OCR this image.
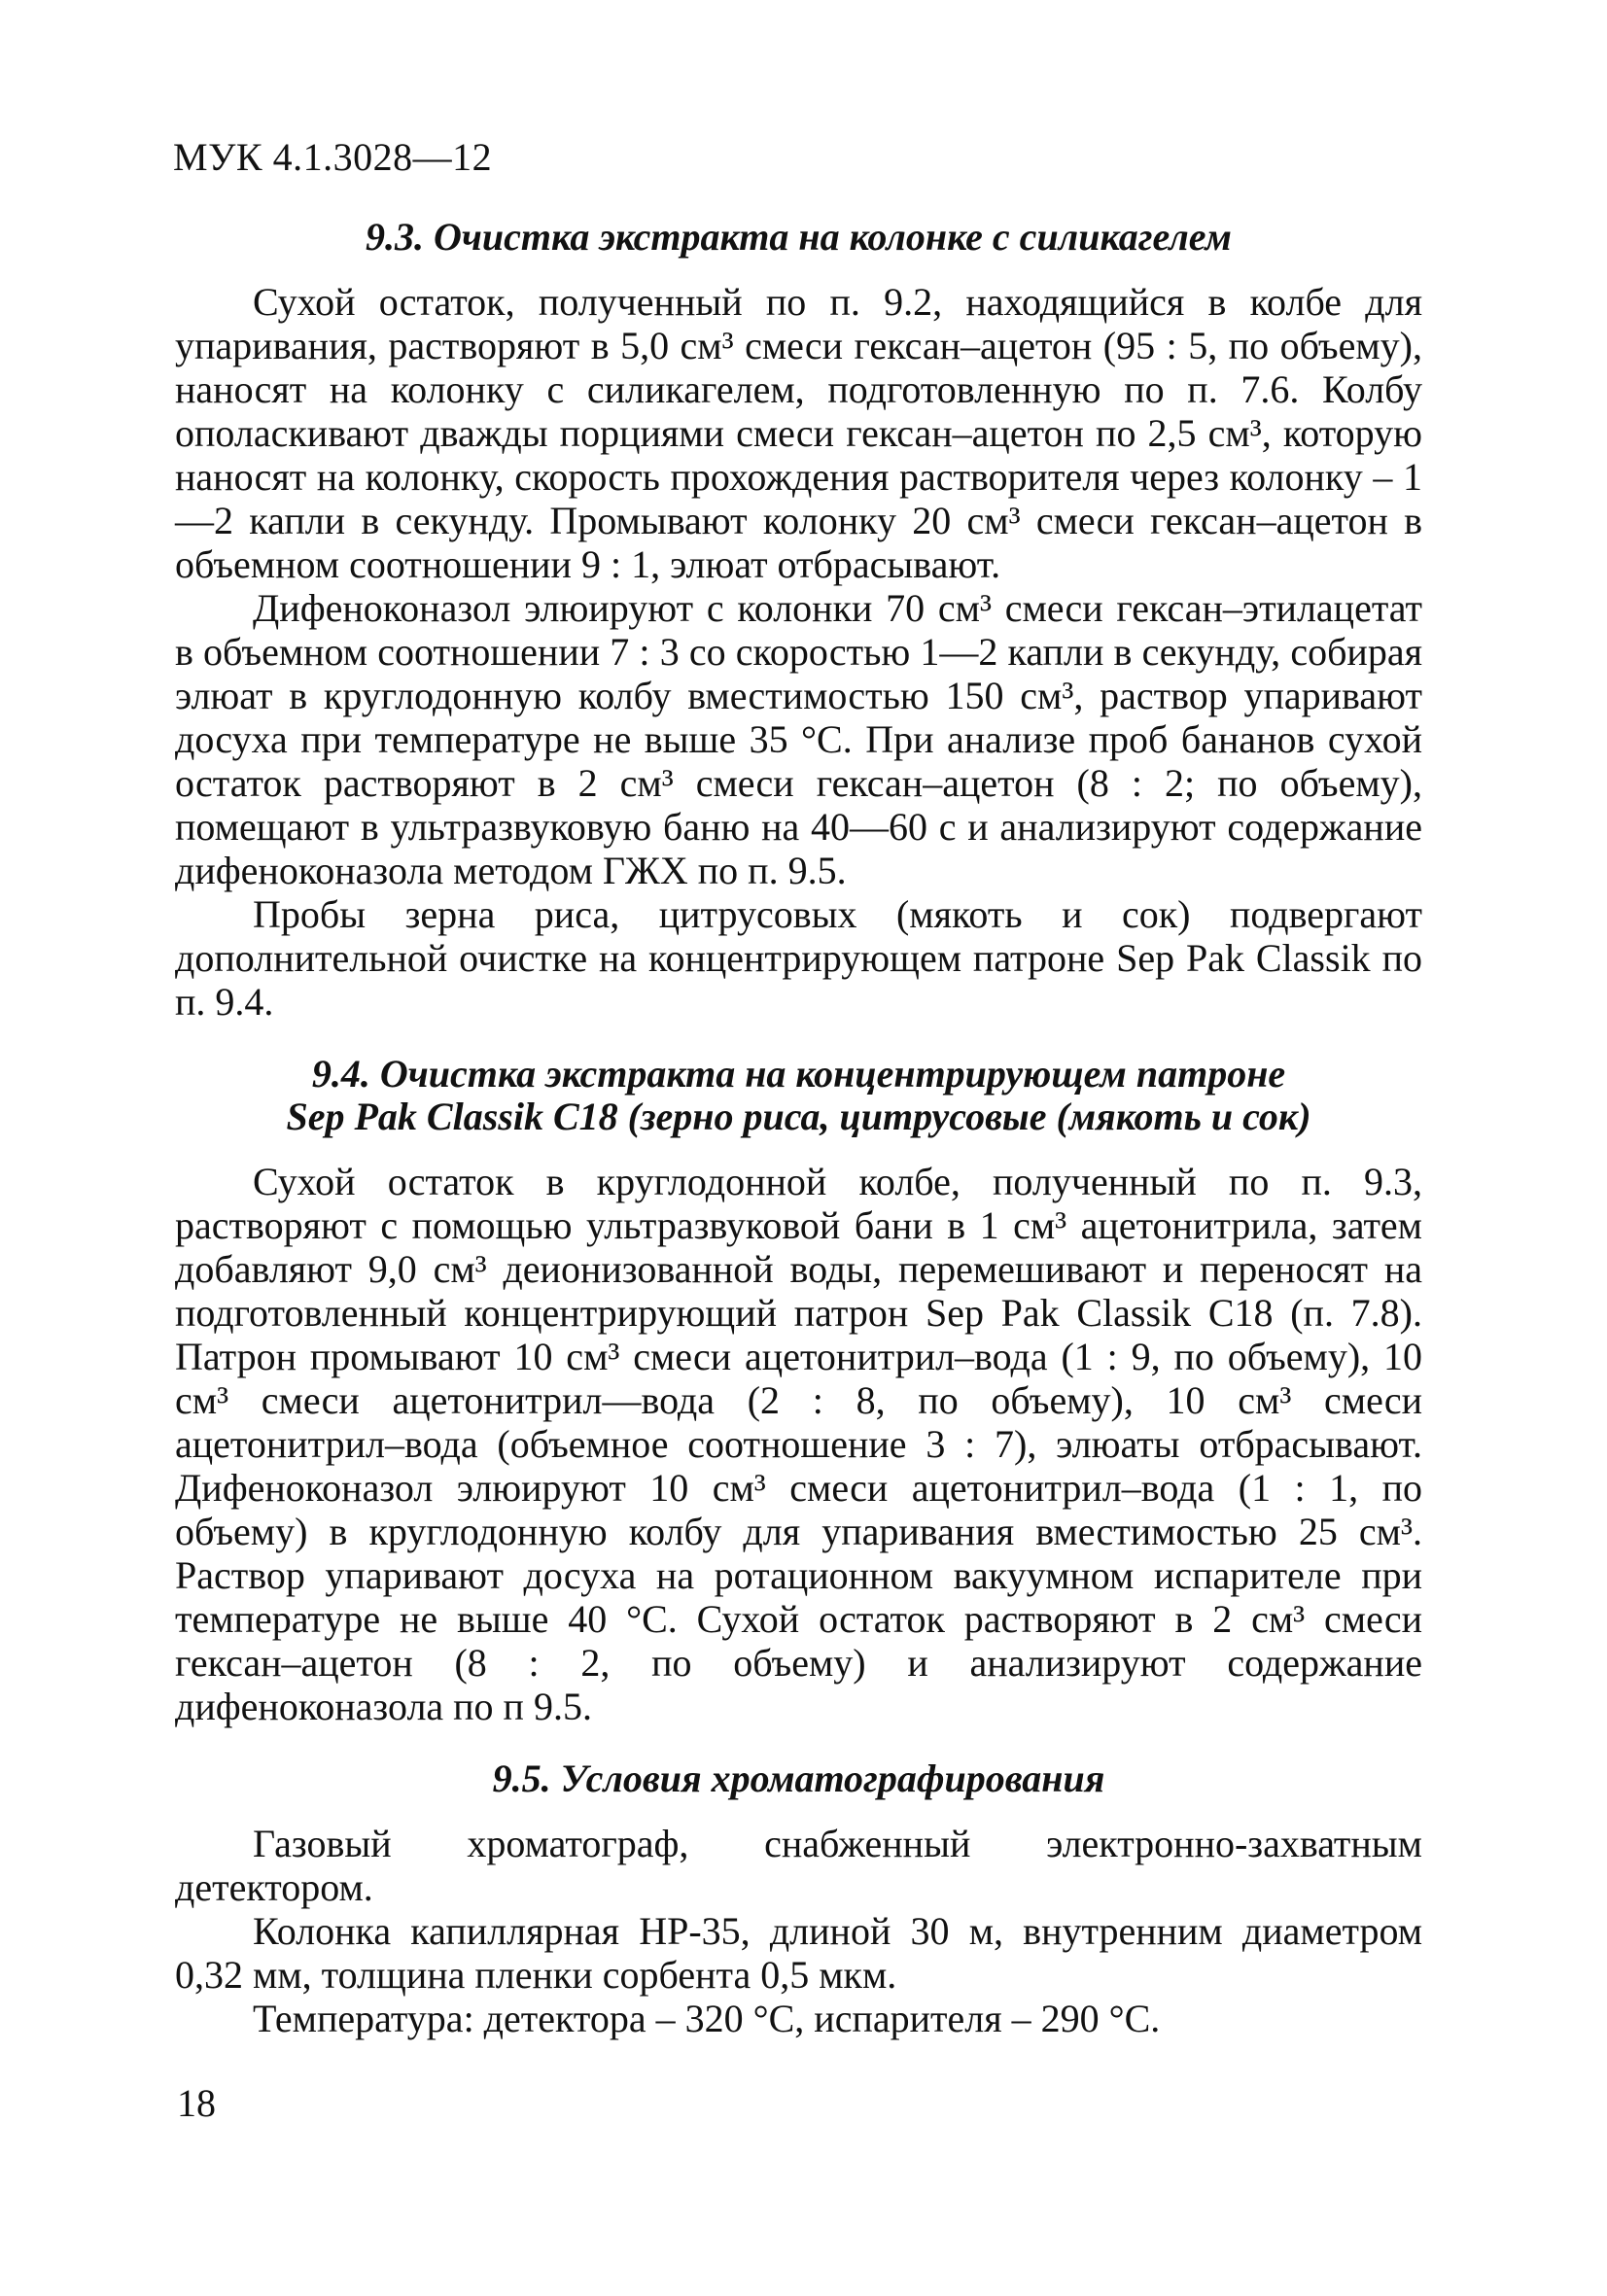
МУК 4.1.3028—12
9.3. Очистка экстракта на колонке с силикагелем

Сухой остаток, полученный по п. 9.2, находящийся в колбе для упаривания, растворяют в 5,0 см³ смеси гексан–ацетон (95 : 5, по объему), наносят на колонку с силикагелем, подготовленную по п. 7.6. Колбу ополаскивают дважды порциями смеси гексан–ацетон по 2,5 см³, которую наносят на колонку, скорость прохождения растворителя через колонку – 1—2 капли в секунду. Промывают колонку 20 см³ смеси гексан–ацетон в объемном соотношении 9 : 1, элюат отбрасывают.

Дифеноконазол элюируют с колонки 70 см³ смеси гексан–этилацетат в объемном соотношении 7 : 3 со скоростью 1—2 капли в секунду, собирая элюат в круглодонную колбу вместимостью 150 см³, раствор упаривают досуха при температуре не выше 35 °С. При анализе проб бананов сухой остаток растворяют в 2 см³ смеси гексан–ацетон (8 : 2; по объему), помещают в ультразвуковую баню на 40—60 с и анализируют содержание дифеноконазола методом ГЖХ по п. 9.5.

Пробы зерна риса, цитрусовых (мякоть и сок) подвергают дополнительной очистке на концентрирующем патроне Sep Pak Classik по п. 9.4.

9.4. Очистка экстракта на концентрирующем патроне
Sep Pak Classik C18 (зерно риса, цитрусовые (мякоть и сок)

Сухой остаток в круглодонной колбе, полученный по п. 9.3, растворяют с помощью ультразвуковой бани в 1 см³ ацетонитрила, затем добавляют 9,0 см³ деионизованной воды, перемешивают и переносят на подготовленный концентрирующий патрон Sep Pak Classik C18 (п. 7.8). Патрон промывают 10 см³ смеси ацетонитрил–вода (1 : 9, по объему), 10 см³ смеси ацетонитрил—вода (2 : 8, по объему), 10 см³ смеси ацетонитрил–вода (объемное соотношение 3 : 7), элюаты отбрасывают. Дифеноконазол элюируют 10 см³ смеси ацетонитрил–вода (1 : 1, по объему) в круглодонную колбу для упаривания вместимостью 25 см³. Раствор упаривают досуха на ротационном вакуумном испарителе при температуре не выше 40 °С. Сухой остаток растворяют в 2 см³ смеси гексан–ацетон (8 : 2, по объему) и анализируют содержание дифеноконазола по п 9.5.

9.5. Условия хроматографирования

Газовый хроматограф, снабженный электронно-захватным детектором.

Колонка капиллярная HP-35, длиной 30 м, внутренним диаметром 0,32 мм, толщина пленки сорбента 0,5 мкм.

Температура: детектора – 320 °С, испарителя – 290 °С.

18
